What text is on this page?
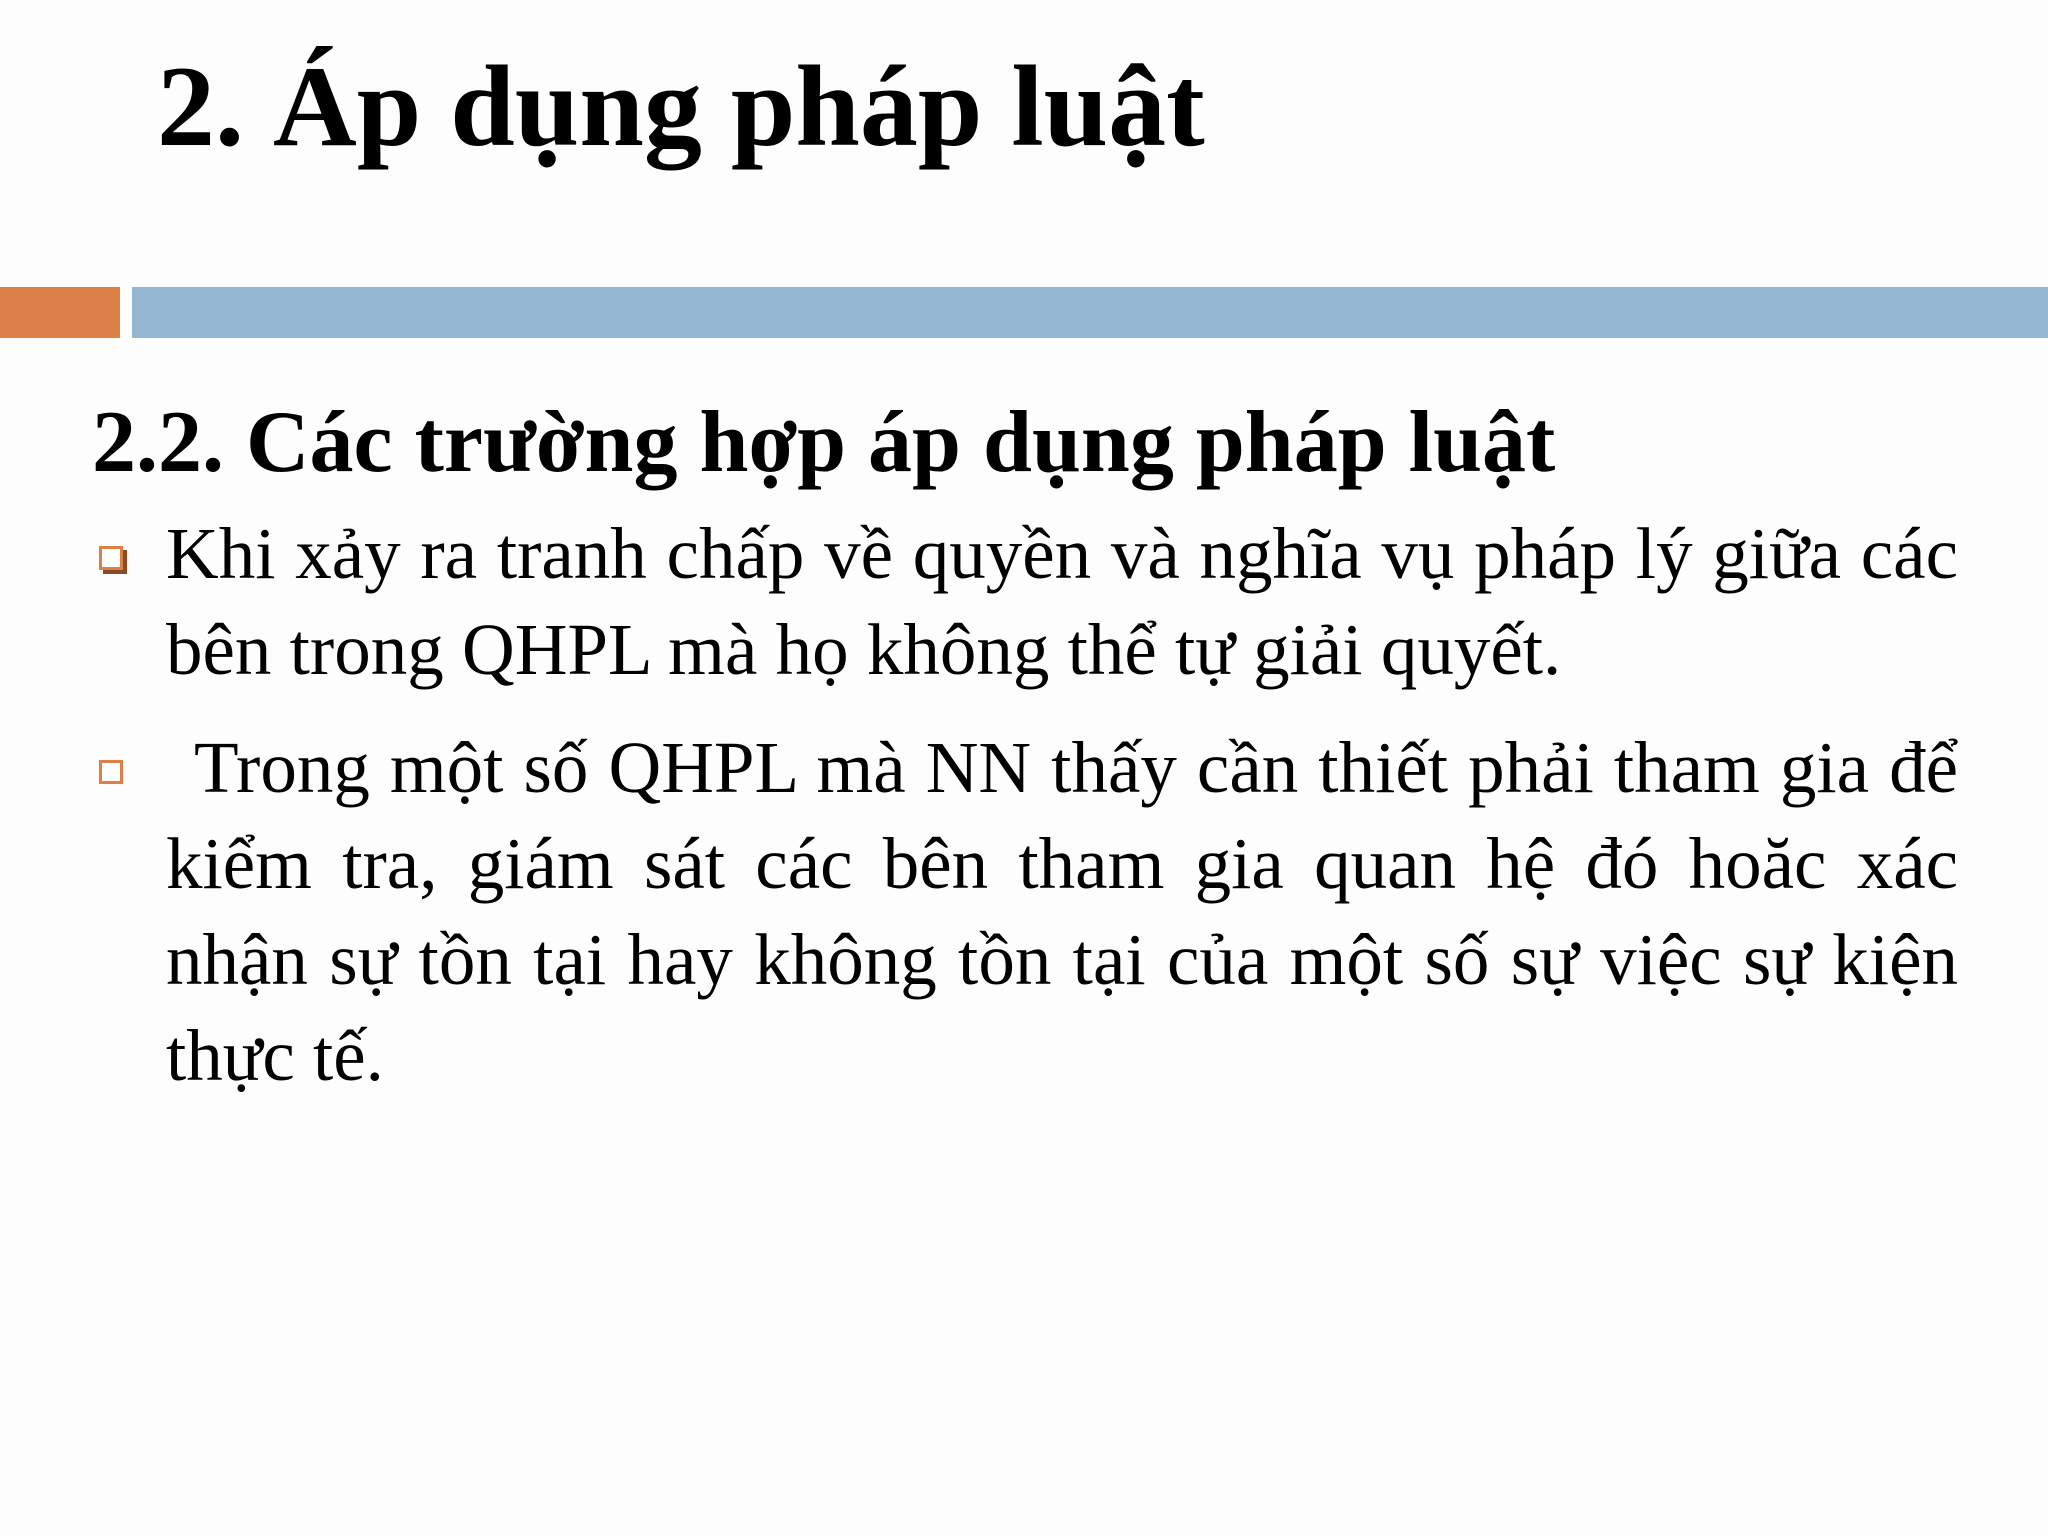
2. Áp dụng pháp luật
2.2. Các trường hợp áp dụng pháp luật
Khi xảy ra tranh chấp về quyền và nghĩa vụ pháp lý giữa các bên trong QHPL mà họ không thể tự giải quyết.
Trong một số QHPL mà NN thấy cần thiết phải tham gia để kiểm tra, giám sát các bên tham gia quan hệ đó hoăc xác nhận sự tồn tại hay không tồn tại của một số sự việc sự kiện thực tế.
